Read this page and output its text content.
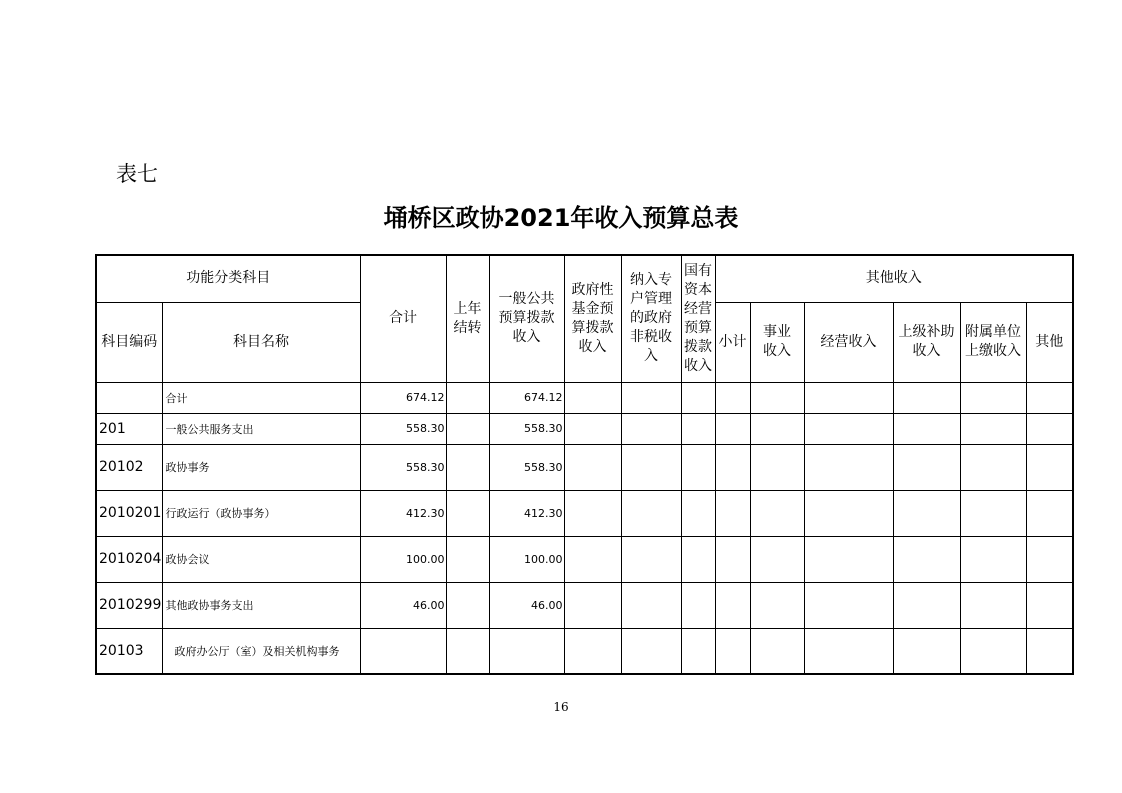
表七
埇桥区政协2021年收入预算总表
功能分类科目		合计	上年结转	一般公共预算拨款收入	政府性基金预算拨款收入	纳入专户管理的政府非税收入	国有资本经营预算拨款收入	其他收入					
科目编码	科目名称							小计	事业收入	经营收入	上级补助收入	附属单位上缴收入	其他
	合计	674.12		674.12									
201	一般公共服务支出	558.30		558.30									
20102	政协事务	558.30		558.30									
2010201	行政运行（政协事务）	412.30		412.30									
2010204	政协会议	100.00		100.00									
2010299	其他政协事务支出	46.00		46.00									
20103	政府办公厅（室）及相关机构事务												
16
